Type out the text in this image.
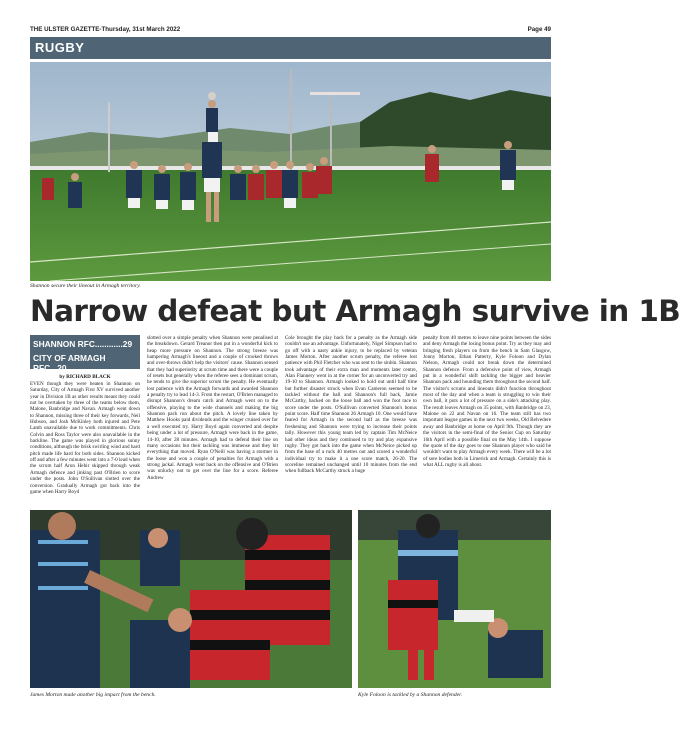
THE ULSTER GAZETTE-Thursday, 31st March 2022	Page 49
RUGBY
Shannon secure their lineout in Armagh territory.
Narrow defeat but Armagh survive in 1B
SHANNON RFC............29
CITY OF ARMAGH RFC...20
by RICHARD BLACK

EVEN though they were beaten in Shannon on Saturday, City of Armagh First XV survived another year in Division 1B as other results meant they could not be overtaken by three of the teams below them, Malone, Banbridge and Navan. Armagh went down to Shannon, missing three of their key forwards, Neil Hobson, and Josh McKinley both injured and Pete Lamb unavailable due to work commitments. Chris Colvin and Ross Taylor were also unavailable in the backline. The game was played in glorious sunny conditions, although the brisk swirling wind and hard pitch made life hard for both sides. Shannon kicked off and after a few minutes went into a 7-0 lead when the scrum half Arun Hehir skipped through weak Armagh defence and jinking past O'Brien to score under the posts. John O'Sullivan slotted over the conversion. Gradually Armagh got back into the game when Harry Boyd

slotted over a simple penalty when Shannon were penalised at the breakdown. Gerard Treanor then put in a wonderful kick to heap more pressure on Shannon. The strong breeze was hampering Armagh's lineout and a couple of crooked throws and over-throws didn't help the visitors' cause. Shannon sensed that they had superiority at scrum time and there were a couple of resets but generally when the referee sees a dominant scrum, he tends to give the superior scrum the penalty. He eventually lost patience with the Armagh forwards and awarded Shannon a penalty try to lead 14-3. From the restart, O'Brien managed to disrupt Shannon's dream catch and Armagh went on to the offensive, playing to the wide channels and making the big Shannon pack run about the pitch. A lovely line taken by Matthew Hooks paid dividends and the winger cruised over for a well executed try. Harry Boyd again converted and despite being under a lot of pressure, Armagh were back in the game, 14-10, after 28 minutes. Armagh had to defend their line on many occasions but their tackling was immense and they hit everything that moved. Ryan O'Neill was having a stormer in the loose and won a couple of penalties for Armagh with a strong jackal. Armagh went back on the offensive and O'Brien was unlucky not to get over the line for a score. Referee Andrew

Cole brought the play back for a penalty as the Armagh side couldn't use an advantage. Unfortunately, Nigel Simpson had to go off with a nasty ankle injury, to be replaced by veteran James Morton. After another scrum penalty, the referee lost patience with Phil Fletcher who was sent to the sinbin. Shannon took advantage of their extra man and moments later centre, Alan Flannery went in at the corner for an unconverted try and 19-10 to Shannon. Armagh looked to hold out until half time but further disaster struck when Evan Cameron seemed to be tackled without the ball and Shannon's full back, Jamie McCarthy, hacked on the loose ball and won the foot race to score under the posts. O'Sullivan converted Shannon's bonus point score. Half time Shannon 26 Armagh 10. One would have feared for Armagh in the second half as the breeze was freshening and Shannon were trying to increase their points tally. However this young team led by captain Tim McNeice had other ideas and they continued to try and play expansive rugby. They got back into the game when McNeice picked up from the base of a ruck 40 metres out and scored a wonderful individual try to make it a one score match, 26-20. The scoreline remained unchanged until 10 minutes from the end when fullback McCarthy struck a huge

penalty from 40 metres to leave nine points between the sides and deny Armagh the losing bonus point. Try as they may and bringing fresh players on from the bench in Sam Glasgow, Jonny Morton, Ethan Patterty, Kyle Foloon and Dylan Nelson, Armagh could not break down the determined Shannon defence. From a defensive point of view, Armagh put in a wonderful shift tackling the bigger and heavier Shannon pack and hounding them throughout the second half. The visitor's scrums and lineouts didn't function throughout most of the day and when a team is struggling to win their own ball, it puts a lot of pressure on a side's attacking play. The result leaves Armagh on 35 points, with Banbridge on 23, Malone on 22 and Navan on 16. The team still has two important league games in the next two weeks, Old Belvedere away and Banbridge at home on April 9th. Though they are the visitors in the semi-final of the Senior Cup on Saturday 16th April with a possible final on the May 14th. I suppose the quote of the day goes to one Shannon player who said he wouldn't want to play Armagh every week. There will be a lot of sore bodies both in Limerick and Armagh. Certainly this is what ALL rugby is all about.

James Morton made another big impact from the bench.	Kyle Foloon is tackled by a Shannon defender.
